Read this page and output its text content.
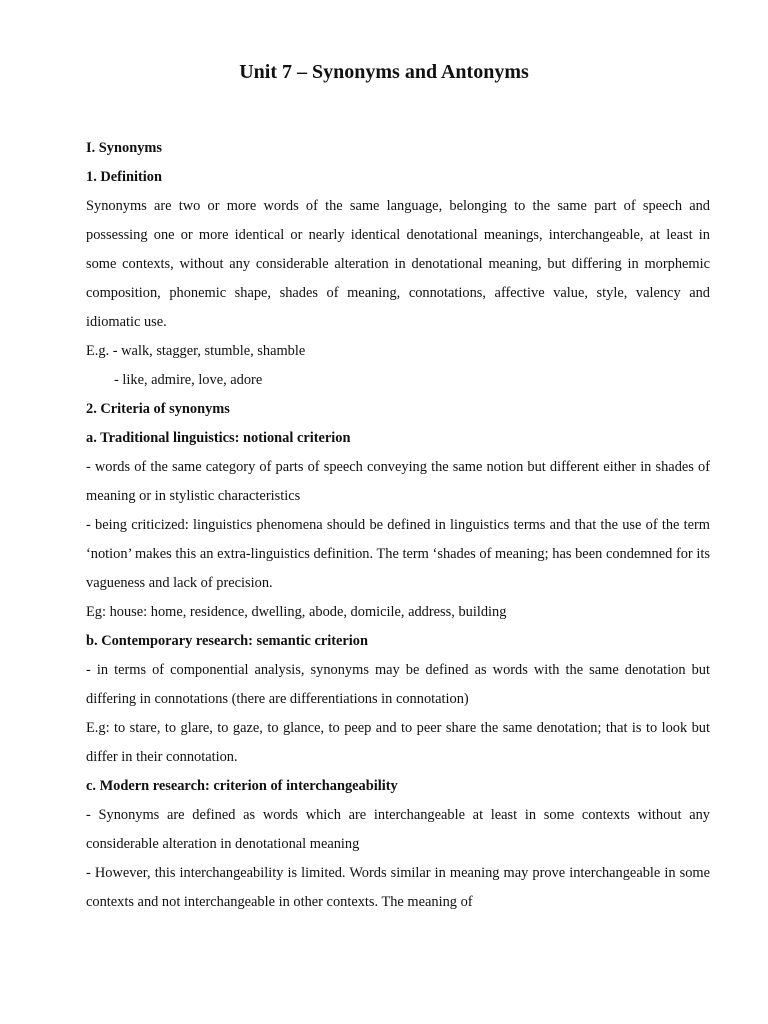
Unit 7 – Synonyms and Antonyms

I. Synonyms

1. Definition

Synonyms are two or more words of the same language, belonging to the same part of speech and possessing one or more identical or nearly identical denotational meanings, interchangeable, at least in some contexts, without any considerable alteration in denotational meaning, but differing in morphemic composition, phonemic shape, shades of meaning, connotations, affective value, style, valency and idiomatic use.

E.g. - walk, stagger, stumble, shamble

- like, admire, love, adore

2. Criteria of synonyms

a. Traditional linguistics: notional criterion

- words of the same category of parts of speech conveying the same notion but different either in shades of meaning or in stylistic characteristics

- being criticized: linguistics phenomena should be defined in linguistics terms and that the use of the term ‘notion’ makes this an extra-linguistics definition. The term ‘shades of meaning; has been condemned for its vagueness and lack of precision.

Eg: house: home, residence, dwelling, abode, domicile, address, building

b. Contemporary research: semantic criterion

- in terms of componential analysis, synonyms may be defined as words with the same denotation but differing in connotations (there are differentiations in connotation)

E.g: to stare, to glare, to gaze, to glance, to peep and to peer share the same denotation; that is to look but differ in their connotation.

c. Modern research: criterion of interchangeability

- Synonyms are defined as words which are interchangeable at least in some contexts without any considerable alteration in denotational meaning

- However, this interchangeability is limited. Words similar in meaning may prove interchangeable in some contexts and not interchangeable in other contexts. The meaning of
